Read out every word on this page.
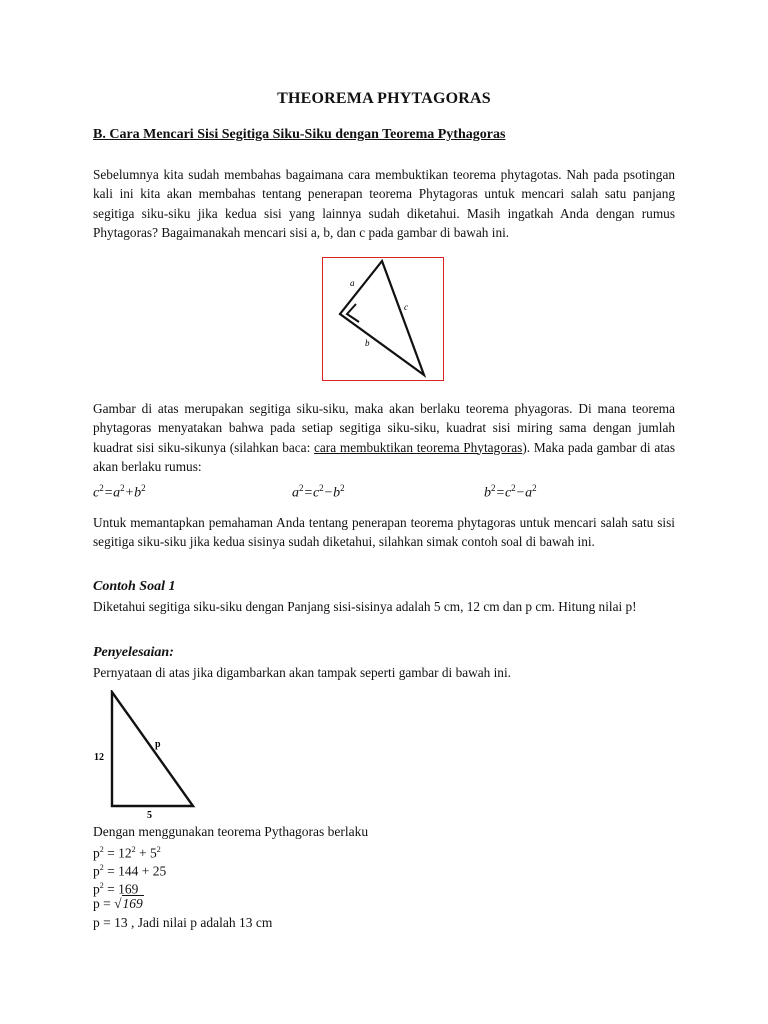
THEOREMA PHYTAGORAS
B. Cara Mencari Sisi Segitiga Siku-Siku dengan Teorema Pythagoras
Sebelumnya kita sudah membahas bagaimana cara membuktikan teorema phytagotas. Nah pada psotingan kali ini kita akan membahas tentang penerapan teorema Phytagoras untuk mencari salah satu panjang segitiga siku-siku jika kedua sisi yang lainnya sudah diketahui. Masih ingatkah Anda dengan rumus Phytagoras? Bagaimanakah mencari sisi a, b, dan c pada gambar di bawah ini.
a
b
c
Gambar di atas merupakan segitiga siku-siku, maka akan berlaku teorema phyagoras. Di mana teorema phytagoras menyatakan bahwa pada setiap segitiga siku-siku, kuadrat sisi miring sama dengan jumlah kuadrat sisi siku-sikunya (silahkan baca: cara membuktikan teorema Phytagoras). Maka pada gambar di atas akan berlaku rumus:
$c^2=a^2+b^2$	$a^2=c^2-b^2$	$b^2=c^2-a^2$
Untuk memantapkan pemahaman Anda tentang penerapan teorema phytagoras untuk mencari salah satu sisi segitiga siku-siku jika kedua sisinya sudah diketahui, silahkan simak contoh soal di bawah ini.
Contoh Soal 1
Diketahui segitiga siku-siku dengan Panjang sisi-sisinya adalah 5 cm, 12 cm dan p cm. Hitung nilai p!
Penyelesaian:
Pernyataan di atas jika digambarkan akan tampak seperti gambar di bawah ini.
12
p
5
Dengan menggunakan teorema Pythagoras berlaku
$p^2 = 12^2 + 5^2$
$p^2 = 144 + 25$
$p^2 = 169$
p = √169
p = 13 , Jadi nilai p adalah 13 cm
